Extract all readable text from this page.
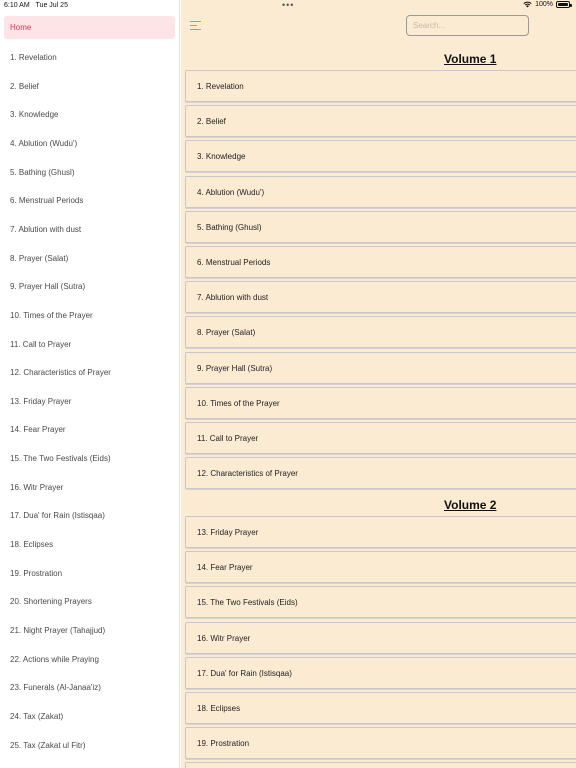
6:10 AM Tue Jul 25	•••	100%
Home
1. Revelation
2. Belief
3. Knowledge
4. Ablution (Wudu')
5. Bathing (Ghusl)
6. Menstrual Periods
7. Ablution with dust
8. Prayer (Salat)
9. Prayer Hall (Sutra)
10. Times of the Prayer
11. Call to Prayer
12. Characteristics of Prayer
13. Friday Prayer
14. Fear Prayer
15. The Two Festivals (Eids)
16. Witr Prayer
17. Dua' for Rain (Istisqaa)
18. Eclipses
19. Prostration
20. Shortening Prayers
21. Night Prayer (Tahajjud)
22. Actions while Praying
23. Funerals (Al-Janaa'iz)
24. Tax (Zakat)
25. Tax (Zakat ul Fitr)
Search...
Volume 1
1. Revelation
2. Belief
3. Knowledge
4. Ablution (Wudu')
5. Bathing (Ghusl)
6. Menstrual Periods
7. Ablution with dust
8. Prayer (Salat)
9. Prayer Hall (Sutra)
10. Times of the Prayer
11. Call to Prayer
12. Characteristics of Prayer
Volume 2
13. Friday Prayer
14. Fear Prayer
15. The Two Festivals (Eids)
16. Witr Prayer
17. Dua' for Rain (Istisqaa)
18. Eclipses
19. Prostration
